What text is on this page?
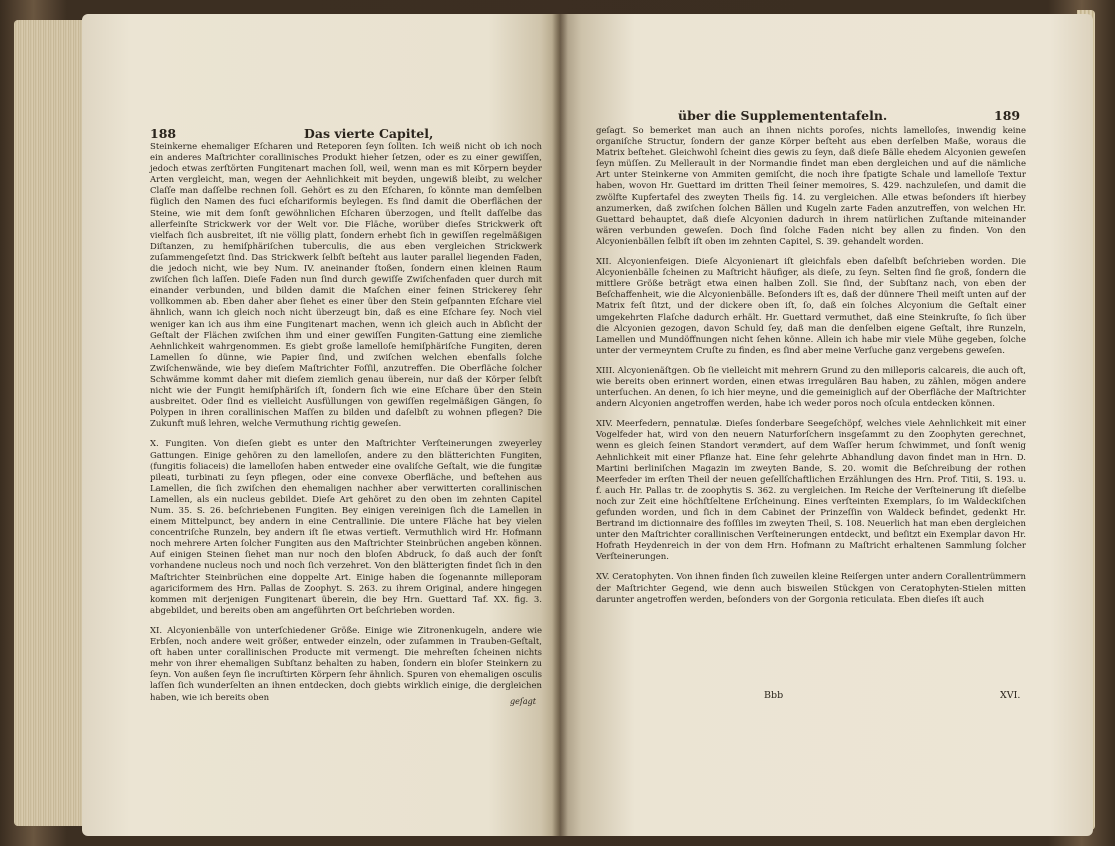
188	Das vierte Capitel,

Steinkerne ehemaliger Eſcharen und Reteporen ſeyn ſollten. Ich weiß nicht ob ich noch ein anderes Maſtrichter corallinisches Produkt hieher ſetzen, oder es zu einer gewiſſen, jedoch etwas zerſtörten Fungitenart machen ſoll, weil, wenn man es mit Körpern beyder Arten vergleicht, man, wegen der Aehnlichkeit mit beyden, ungewiß bleibt, zu welcher Claſſe man daſſelbe rechnen ſoll. Gehört es zu den Eſcharen, ſo könnte man demſelben füglich den Namen des fuci eſchariformis beylegen. Es ſind damit die Oberflächen der Steine, wie mit dem ſonſt gewöhnlichen Eſcharen überzogen, und ſtellt daſſelbe das allerfeinſte Strickwerk vor der Welt vor. Die Fläche, worüber dieſes Strickwerk oft vielfach ſich ausbreitet, iſt nie völlig platt, ſondern erhebt ſich in gewiſſen regelmäßigen Diſtanzen, zu hemiſphäriſchen tuberculis, die aus eben vergleichen Strickwerk zuſammengeſetzt ſind. Das Strickwerk ſelbſt beſteht aus lauter parallel liegenden Faden, die jedoch nicht, wie bey Num. IV. aneinander ſtoßen, ſondern einen kleinen Raum zwiſchen ſich laſſen. Dieſe Faden nun ſind durch gewiſſe Zwiſchenfaden quer durch mit einander verbunden, und bilden damit die Maſchen einer feinen Strickerey ſehr vollkommen ab. Eben daher aber ſiehet es einer über den Stein geſpannten Eſchare viel ähnlich, wann ich gleich noch nicht überzeugt bin, daß es eine Eſchare ſey. Noch viel weniger kan ich aus ihm eine Fungitenart machen, wenn ich gleich auch in Abſicht der Geſtalt der Flächen zwiſchen ihm und einer gewiſſen Fungiten-Gattung eine ziemliche Aehnlichkeit wahrgenommen. Es giebt große lamelloſe hemiſphäriſche Fungiten, deren Lamellen ſo dünne, wie Papier ſind, und zwiſchen welchen ebenfalls ſolche Zwiſchenwände, wie bey dieſem Maſtrichter Foſſil, anzutreffen. Die Oberfläche ſolcher Schwämme kommt daher mit dieſem ziemlich genau überein, nur daß der Körper ſelbſt nicht wie der Fungit hemiſphäriſch iſt, ſondern ſich wie eine Eſchare über den Stein ausbreitet. Oder ſind es vielleicht Ausfüllungen von gewiſſen regelmäßigen Gängen, ſo Polypen in ihren corallinischen Maſſen zu bilden und daſelbſt zu wohnen pflegen? Die Zukunft muß lehren, welche Vermuthung richtig geweſen.

X. Fungiten. Von dieſen giebt es unter den Maſtrichter Verſteinerungen zweyerley Gattungen. Einige gehören zu den lamelloſen, andere zu den blätterichten Fungiten, (fungitis foliaceis) die lamelloſen haben entweder eine ovaliſche Geſtalt, wie die fungitæ pileati, turbinati zu ſeyn pflegen, oder eine convexe Oberfläche, und beſtehen aus Lamellen, die ſich zwiſchen den ehemaligen nachher aber verwitterten corallinischen Lamellen, als ein nucleus gebildet. Dieſe Art gehöret zu den oben im zehnten Capitel Num. 35. S. 26. beſchriebenen Fungiten. Bey einigen vereinigen ſich die Lamellen in einem Mittelpunct, bey andern in eine Centrallinie. Die untere Fläche hat bey vielen concentriſche Runzeln, bey andern iſt ſie etwas vertieft. Vermuthlich wird Hr. Hofmann noch mehrere Arten ſolcher Fungiten aus den Maſtrichter Steinbrüchen angeben können. Auf einigen Steinen ſiehet man nur noch den bloſen Abdruck, ſo daß auch der ſonſt vorhandene nucleus noch und noch ſich verzehret. Von den blätterigten findet ſich in den Maſtrichter Steinbrüchen eine doppelte Art. Einige haben die ſogenannte milleporam agariciformem des Hrn. Pallas de Zoophyt. S. 263. zu ihrem Original, andere hingegen kommen mit derjenigen Fungitenart überein, die bey Hrn. Guettard Taf. XX. fig. 3. abgebildet, und bereits oben am angeführten Ort beſchrieben worden.

XI. Alcyonienbälle von unterſchiedener Größe. Einige wie Zitronenkugeln, andere wie Erbſen, noch andere weit größer, entweder einzeln, oder zuſammen in Trauben-Geſtalt, oft haben unter corallinischen Producte mit vermengt. Die mehreſten ſcheinen nichts mehr von ihrer ehemaligen Subſtanz behalten zu haben, ſondern ein bloſer Steinkern zu ſeyn. Von außen ſeyn ſie incruſtirten Körpern ſehr ähnlich. Spuren von ehemaligen osculis laſſen ſich wunderſelten an ihnen entdecken, doch giebts wirklich einige, die dergleichen haben, wie ich bereits oben	geſagt
über die Supplemententafeln.	189

geſagt. So bemerket man auch an ihnen nichts poroſes, nichts lamelloſes, inwendig keine organiſche Structur, ſondern der ganze Körper beſteht aus eben derſelben Maße, woraus die Matrix beſtehet. Gleichwohl ſcheint dies gewis zu ſeyn, daß dieſe Bälle ehedem Alcyonien geweſen ſeyn müſſen. Zu Mellerault in der Normandie findet man eben dergleichen und auf die nämliche Art unter Steinkerne von Ammiten gemiſcht, die noch ihre ſpatigte Schale und lamelloſe Textur haben, wovon Hr. Guettard im dritten Theil ſeiner memoires, S. 429. nachzuleſen, und damit die zwölfte Kupfertafel des zweyten Theils fig. 14. zu vergleichen. Alle etwas beſonders iſt hierbey anzumerken, daß zwiſchen ſolchen Bällen und Kugeln zarte Faden anzutreffen, von welchen Hr. Guettard behauptet, daß dieſe Alcyonien dadurch in ihrem natürlichen Zuſtande miteinander wären verbunden geweſen. Doch ſind ſolche Faden nicht bey allen zu finden. Von den Alcyonienbällen ſelbſt iſt oben im zehnten Capitel, S. 39. gehandelt worden.

XII. Alcyonienfeigen. Dieſe Alcyonienart iſt gleichfals eben daſelbſt beſchrieben worden. Die Alcyonienbälle ſcheinen zu Maſtricht häufiger, als dieſe, zu ſeyn. Selten ſind ſie groß, ſondern die mittlere Größe beträgt etwa einen halben Zoll. Sie ſind, der Subſtanz nach, von eben der Beſchaffenheit, wie die Alcyonienbälle. Beſonders iſt es, daß der dünnere Theil meiſt unten auf der Matrix feſt ſitzt, und der dickere oben iſt, ſo, daß ein ſolches Alcyonium die Geſtalt einer umgekehrten Flaſche dadurch erhält. Hr. Guettard vermuthet, daß eine Steinkruſte, ſo ſich über die Alcyonien gezogen, davon Schuld ſey, daß man die denſelben eigene Geſtalt, ihre Runzeln, Lamellen und Mundöffnungen nicht ſehen könne. Allein ich habe mir viele Mühe gegeben, ſolche unter der vermeyntem Cruſte zu finden, es ſind aber meine Verſuche ganz vergebens geweſen.

XIII. Alcyonienäſtgen. Ob ſie vielleicht mit mehrern Grund zu den milleporis calcareis, die auch oft, wie bereits oben erinnert worden, einen etwas irregulären Bau haben, zu zählen, mögen andere unterſuchen. An denen, ſo ich hier meyne, und die gemeiniglich auf der Oberfläche der Maſtrichter andern Alcyonien angetroffen werden, habe ich weder poros noch oſcula entdecken können.

XIV. Meerfedern, pennatulæ. Dieſes ſonderbare Seegeſchöpf, welches viele Aehnlichkeit mit einer Vogelfeder hat, wird von den neuern Naturforſchern insgeſammt zu den Zoophyten gerechnet, wenn es gleich ſeinen Standort veraͤndert, auf dem Waſſer herum ſchwimmet, und ſonſt wenig Aehnlichkeit mit einer Pflanze hat. Eine ſehr gelehrte Abhandlung davon findet man in Hrn. D. Martini berliniſchen Magazin im zweyten Bande, S. 20. womit die Beſchreibung der rothen Meerfeder im erſten Theil der neuen geſellſchaftlichen Erzählungen des Hrn. Prof. Titii, S. 193. u. f. auch Hr. Pallas tr. de zoophytis S. 362. zu vergleichen. Im Reiche der Verſteinerung iſt dieſelbe noch zur Zeit eine höchſtſeltene Erſcheinung. Eines verſteinten Exemplars, ſo im Waldeckiſchen gefunden worden, und ſich in dem Cabinet der Prinzeſſin von Waldeck befindet, gedenkt Hr. Bertrand im dictionnaire des foſſiles im zweyten Theil, S. 108. Neuerlich hat man eben dergleichen unter den Maſtrichter corallinischen Verſteinerungen entdeckt, und beſitzt ein Exemplar davon Hr. Hofrath Heydenreich in der von dem Hrn. Hofmann zu Maſtricht erhaltenen Sammlung ſolcher Verſteinerungen.

XV. Ceratophyten. Von ihnen finden ſich zuweilen kleine Reiſergen unter andern Corallentrümmern der Maſtrichter Gegend, wie denn auch bisweilen Stückgen von Ceratophyten-Stielen mitten darunter angetroffen werden, beſonders von der Gorgonia reticulata. Eben dieſes iſt auch

Bbb	XVI.
